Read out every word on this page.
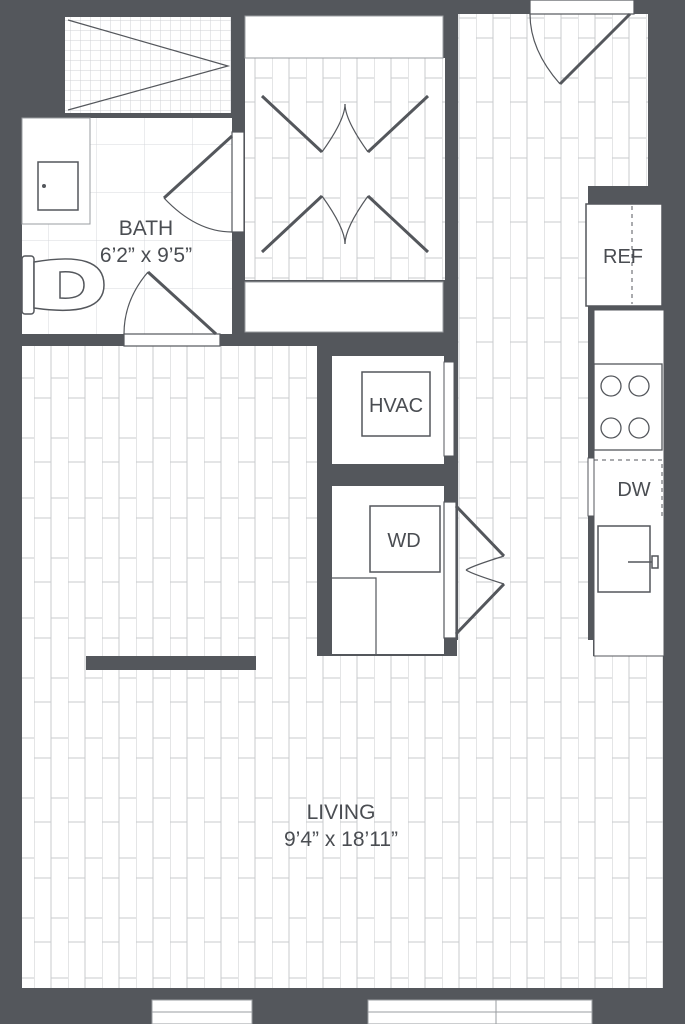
BATH
6’2” x 9’5”	REF
HVAC
DW
WD
LIVING
9’4” x 18’11”
